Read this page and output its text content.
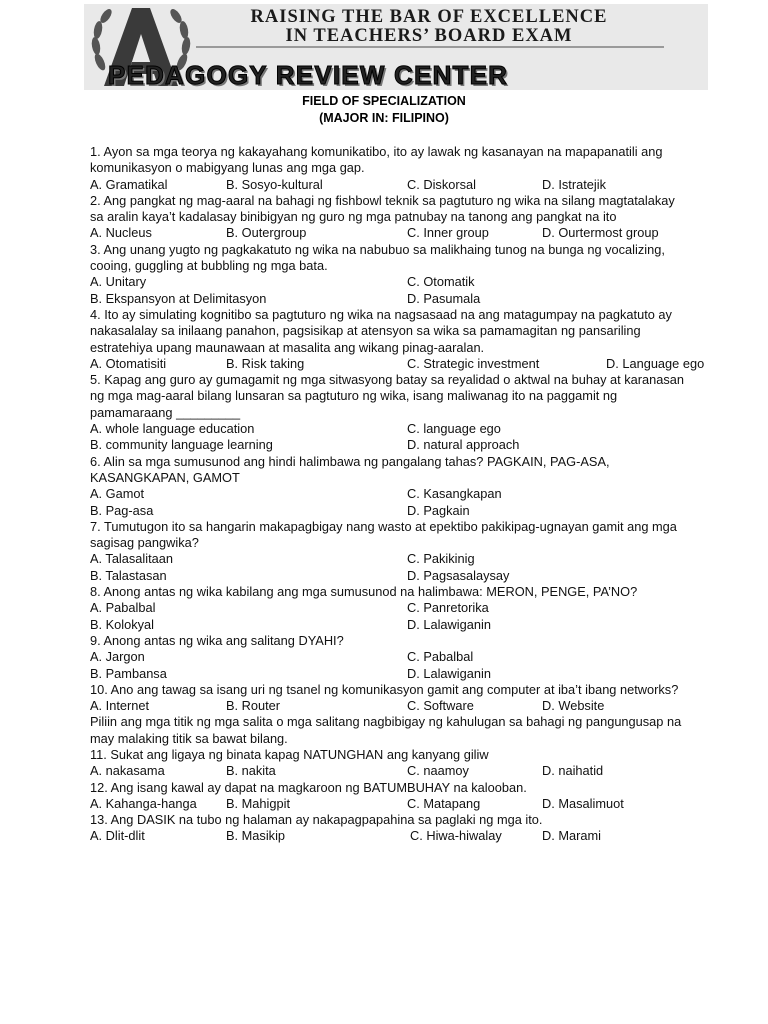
RAISING THE BAR OF EXCELLENCE
IN TEACHERS’ BOARD EXAM
PEDAGOGY REVIEW CENTER
FIELD OF SPECIALIZATION
(MAJOR IN: FILIPINO)
1. Ayon sa mga teorya ng kakayahang komunikatibo, ito ay lawak ng kasanayan na mapapanatili ang komunikasyon o mabigyang lunas ang mga gap.
A. Gramatikal	B. Sosyo-kultural	C. Diskorsal	D. Istratejik
2. Ang pangkat ng mag-aaral na bahagi ng fishbowl teknik sa pagtuturo ng wika na silang magtatalakay sa aralin kaya’t kadalasay binibigyan ng guro ng mga patnubay na tanong ang pangkat na ito
A. Nucleus	B. Outergroup	C. Inner group	D. Ourtermost group
3. Ang unang yugto ng pagkakatuto ng wika na nabubuo sa malikhaing tunog na bunga ng vocalizing, cooing, guggling at bubbling ng mga bata.
A. Unitary	C. Otomatik
B. Ekspansyon at Delimitasyon	D. Pasumala
4. Ito ay simulating kognitibo sa pagtuturo ng wika na nagsasaad na ang matagumpay na pagkatuto ay nakasalalay sa inilaang panahon, pagsisikap at atensyon sa wika sa pamamagitan ng pansariling estratehiya upang maunawaan at masalita ang wikang pinag-aaralan.
A. Otomatisiti	B. Risk taking	C. Strategic investment	D. Language ego
5. Kapag ang guro ay gumagamit ng mga sitwasyong batay sa reyalidad o aktwal na buhay at karanasan ng mga mag-aaral bilang lunsaran sa pagtuturo ng wika, isang maliwanag ito na paggamit ng pamamaraang _________
A. whole language education	C. language ego
B. community language learning	D. natural approach
6. Alin sa mga sumusunod ang hindi halimbawa ng pangalang tahas? PAGKAIN, PAG-ASA, KASANGKAPAN, GAMOT
A. Gamot	C. Kasangkapan
B. Pag-asa	D. Pagkain
7. Tumutugon ito sa hangarin makapagbigay nang wasto at epektibo pakikipag-ugnayan gamit ang mga sagisag pangwika?
A. Talasalitaan	C. Pakikinig
B. Talastasan	D. Pagsasalaysay
8. Anong antas ng wika kabilang ang mga sumusunod na halimbawa: MERON, PENGE, PA’NO?
A. Pabalbal	C. Panretorika
B. Kolokyal	D. Lalawiganin
9. Anong antas ng wika ang salitang DYAHI?
A. Jargon	C. Pabalbal
B. Pambansa	D. Lalawiganin
10. Ano ang tawag sa isang uri ng tsanel ng komunikasyon gamit ang computer at iba’t ibang networks?
A. Internet	B. Router	C. Software	D. Website
Piliin ang mga titik ng mga salita o mga salitang nagbibigay ng kahulugan sa bahagi ng pangungusap na may malaking titik sa bawat bilang.
11. Sukat ang ligaya ng binata kapag NATUNGHAN ang kanyang giliw
A. nakasama	B. nakita	C. naamoy	D. naihatid
12. Ang isang kawal ay dapat na magkaroon ng BATUMBUHAY na kalooban.
A. Kahanga-hanga B. Mahigpit	C. Matapang	D. Masalimuot
13. Ang DASIK na tubo ng halaman ay nakapagpapahina sa paglaki ng mga ito.
A. Dlit-dlit	B. Masikip	C. Hiwa-hiwalay	D. Marami
